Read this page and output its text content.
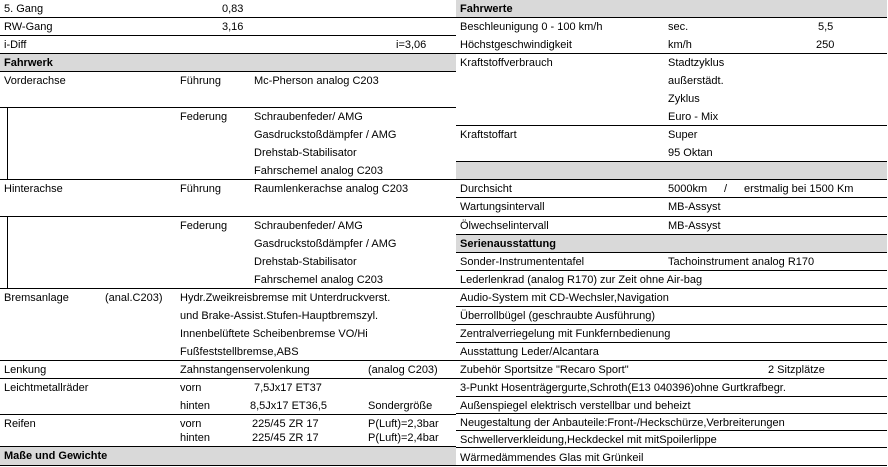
5. Gang	0,83
RW-Gang	3,16
i-Diff	i=3,06
Fahrwerk
Vorderachse	Führung	Mc-Pherson analog C203
Federung Schraubenfeder/ AMG
Gasdruckstoßdämpfer / AMG
Drehstab-Stabilisator
Fahrschemel analog C203
Hinterachse	Führung	Raumlenkerachse analog C203
Federung Schraubenfeder/ AMG
Gasdruckstoßdämpfer / AMG
Drehstab-Stabilisator
Fahrschemel analog C203
Bremsanlage	(anal.C203) Hydr.Zweikreisbremse mit Unterdruckverst.
und Brake-Assist.Stufen-Hauptbremszyl.
Innenbelüftete Scheibenbremse VO/Hi
Fußfeststellbremse,ABS
Lenkung	Zahnstangenservolenkung	(analog C203)
Leichtmetallräder	vorn	7,5Jx17 ET37
hinten	8,5Jx17 ET36,5	Sondergröße
Reifen	vorn	225/45 ZR 17	P(Luft)=2,3bar
hinten	225/45 ZR 17	P(Luft)=2,4bar
Maße und Gewichte
Fahrwerte
Beschleunigung 0 - 100 km/h	sec.	5,5
Höchstgeschwindigkeit	km/h	250
Kraftstoffverbrauch	Stadtzyklus
außerstädt.
Zyklus
Euro - Mix
Kraftstoffart	Super
95 Oktan
Durchsicht	5000km / erstmalig bei 1500 Km
Wartungsintervall	MB-Assyst
Ölwechselintervall	MB-Assyst
Serienausstattung
Sonder-Instrumententafel	Tachoinstrument analog R170
Lederlenkrad (analog R170) zur Zeit ohne Air-bag
Audio-System mit CD-Wechsler,Navigation
Überrollbügel (geschraubte Ausführung)
Zentralverriegelung mit Funkfernbedienung
Ausstattung Leder/Alcantara
Zubehör Sportsitze "Recaro Sport"	2 Sitzplätze
3-Punkt Hosenträgergurte,Schroth(E13 040396)ohne Gurtkrafbegr.
Außenspiegel elektrisch verstellbar und beheizt
Neugestaltung der Anbauteile:Front-/Heckschürze,Verbreiterungen
Schwellerverkleidung,Heckdeckel mit mitSpoilerlippe
Wärmedämmendes Glas mit Grünkeil
